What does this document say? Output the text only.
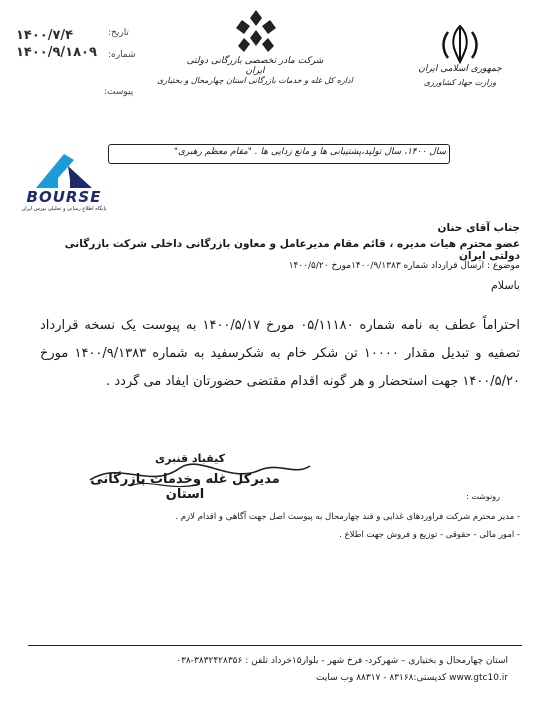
جمهوری اسلامی ایران
وزارت جهاد کشاورزی
شرکت مادر تخصصی بازرگانی دولتی ایران
اداره کل غله و خدمات بازرگانی استان چهارمحال و بختیاری
تاریخ:
۱۴۰۰/۷/۴
شماره:
۱۴۰۰/۹/۱۸۰۹
پیوست:
سال ۱۴۰۰، سال تولید،پشتیبانی ها و مانع زدایی ها . "مقام معظم رهبری"
BOURSE
پایگاه اطلاع رسانی و تحلیلی بورس ایران
جناب آقای حنان
عضو محترم هیات مدیره ، قائم مقام مدیرعامل و معاون بازرگانی داخلی شرکت بازرگانی دولتی ایران
موضوع : ارسال قرارداد شماره ۱۴۰۰/۹/۱۳۸۳مورخ ۱۴۰۰/۵/۲۰
باسلام
احتراماً عطف به نامه شماره ۰۵/۱۱۱۸۰ مورخ ۱۴۰۰/۵/۱۷ به پیوست یک نسخه قرارداد تصفیه و تبدیل مقدار ۱۰۰۰۰ تن شکر خام به شکرسفید به شماره ۱۴۰۰/۹/۱۳۸۳ مورخ ۱۴۰۰/۵/۲۰ جهت استحضار و هر گونه اقدام مقتضی حضورتان ایفاد می گردد .
کیقباد قنبری
مدیرکل غله وخدمات بازرگانی استان	رونوشت :
- مدیر محترم شرکت فراوردهای غذایی و قند چهارمحال به پیوست اصل جهت آگاهی و اقدام لازم .
- امور مالی - حقوقی - توزیع و فروش جهت اطلاع .
استان چهارمحال و بختیاری – شهرکرد- فرخ شهر - بلوار۱۵خرداد تلفن : ۳۸۳۲۴۲۸۳۵۶-۰۳۸
www.gtc10.ir کدپستی:۸۳۱۶۸ - ۸۸۳۱۷ وب سایت
